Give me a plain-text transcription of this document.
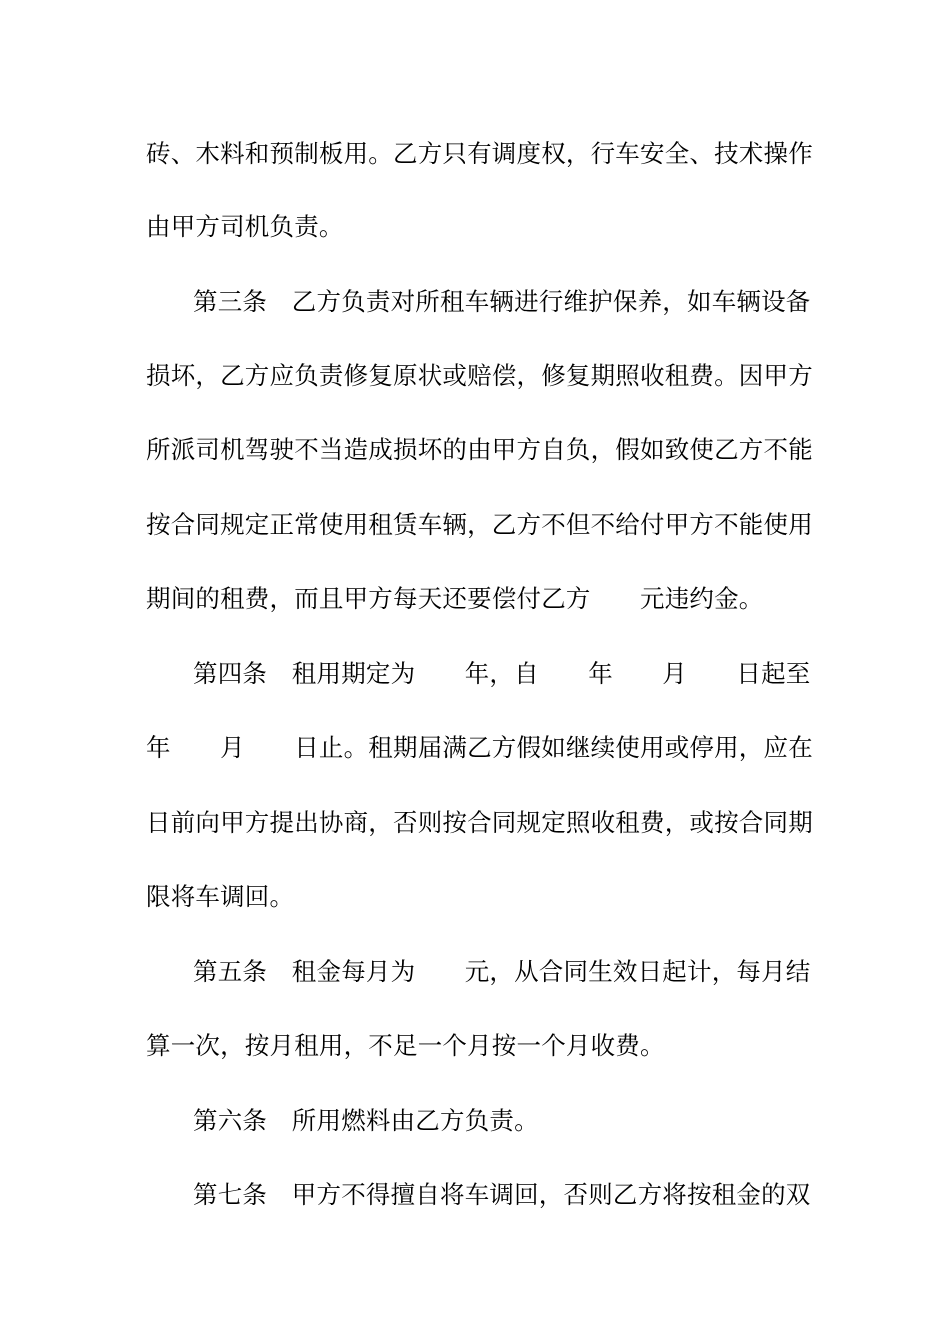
砖、木料和预制板用。乙方只有调度权，行车安全、技术操作
由甲方司机负责。
第三条　乙方负责对所租车辆进行维护保养，如车辆设备
损坏，乙方应负责修复原状或赔偿，修复期照收租费。因甲方
所派司机驾驶不当造成损坏的由甲方自负，假如致使乙方不能
按合同规定正常使用租赁车辆，乙方不但不给付甲方不能使用
期间的租费，而且甲方每天还要偿付乙方　　元违约金。
第四条　租用期定为　　年，自　　年　　月　　日起至
年　　月　　日止。租期届满乙方假如继续使用或停用，应在
日前向甲方提出协商，否则按合同规定照收租费，或按合同期
限将车调回。
第五条　租金每月为　　元，从合同生效日起计，每月结
算一次，按月租用，不足一个月按一个月收费。
第六条　所用燃料由乙方负责。
第七条　甲方不得擅自将车调回，否则乙方将按租金的双
